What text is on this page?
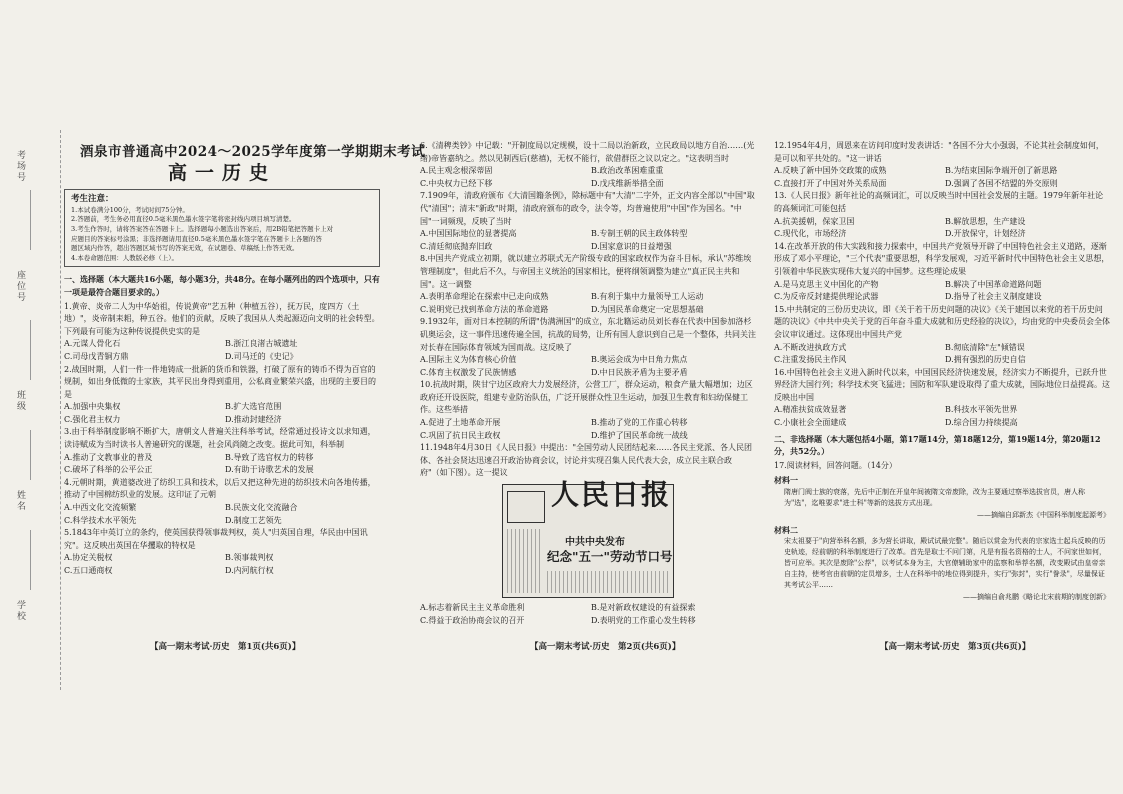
考场号
座位号
班级
姓名
学校
酒泉市普通高中2024～2025学年度第一学期期末考试
高一历史
考生注意：
1.本试卷满分100分，考试时间75分钟。
2.答题前，考生务必用直径0.5毫米黑色墨水签字笔将密封线内项目填写清楚。
3.考生作答时，请将答案答在答题卡上。选择题每小题选出答案后，用2B铅笔把答题卡上对
应题目的答案标号涂黑；非选择题请用直径0.5毫米黑色墨水签字笔在答题卡上各题的答
题区域内作答，超出答题区域书写的答案无效，在试题卷、草稿纸上作答无效。
4.本卷命题范围：人教版必修（上）。
一、选择题（本大题共16小题，每小题3分，共48分。在每小题列出的四个选项中，只有一项是最符合题目要求的。）
1.黄帝、炎帝二人为中华始祖，传说黄帝"艺五种（种植五谷），抚万民，度四方（土地）"，炎帝制耒耜，种五谷。他们的贡献，反映了我国从人类起源迈向文明的社会转型。下列最有可能为这种传说提供史实的是
A.元谋人骨化石	B.浙江良渚古城遗址
C.司母戊青铜方鼎	D.司马迁的《史记》
2.战国时期，人们一件一件地铸成一批新的货币和铁器，打破了原有的铸币不得为百官的规制，如出身低微的士家族，其平民出身得到重用，公私商业繁荣兴盛，出现的主要目的是
A.加强中央集权	B.扩大选官范围
C.强化君主权力	D.推动封建经济
3.由于科举制度影响不断扩大，唐朝文人普遍关注科举考试，经常通过投诗文以求知遇，读诗赋成为当时读书人普遍研究的课题，社会风尚随之改变。据此可知，科举制
A.推动了文教事业的普及	B.导致了选官权力的转移
C.破坏了科举的公平公正	D.有助于诗歌艺术的发展
4.元朝时期，黄道婆改进了纺织工具和技术，以后又把这种先进的纺织技术向各地传播，推动了中国棉纺织业的发展。这印证了元朝
A.中西文化交流频繁	B.民族文化交流融合
C.科学技术水平领先	D.制度工艺领先
5.1843年中英订立的条约，使英国获得领事裁判权，英人"归英国自理，华民由中国讯究"。这反映出英国在华攫取的特权是
A.协定关税权	B.领事裁判权
C.五口通商权	D.内河航行权
6.《清稗类钞》中记载："开制度局以定规模，设十二局以治新政，立民政局以地方自治……(光绪)帝皆嘉纳之。然以见制西后(慈禧)，无权不能行，欲借群臣之议以定之。"这表明当时
A.民主观念根深蒂固	B.政治改革困难重重
C.中央权力已经下移	D.戊戌维新举措全面
7.1909年，清政府颁布《大清国籍条例》，除标题中有"大清"二字外，正文内容全部以"中国"取代"清国"；清末"新政"时期，清政府颁布的政令，法令等，均普遍使用"中国"作为国名。"中国"一词频现，反映了当时
A.中国国际地位的显著提高	B.专制王朝的民主政体转型
C.清廷彻底抛弃旧政	D.国家意识的日益增强
8.中国共产党成立初期，就以建立苏联式无产阶级专政的国家政权作为奋斗目标，承认"苏维埃管理制度"，但此后不久，与帝国主义统治的国家相比，便将纲领调整为建立"真正民主共和国"。这一调整
A.表明革命理论在探索中已走向成熟	B.有利于集中力量领导工人运动
C.说明党已找到革命方法的革命道路	D.为国民革命奠定一定思想基础
9.1932年，面对日本控制的所谓"伪满洲国"的成立，东北籍运动员刘长春在代表中国参加洛杉矶奥运会，这一事件迅速传遍全国，抗战的局势，让所有国人意识到自己是一个整体，共同关注对长春在国际体育领域为国而战。这反映了
A.国际主义为体育核心价值	B.奥运会成为中日角力焦点
C.体育主权激发了民族情感	D.中日民族矛盾为主要矛盾
10.抗战时期，陕甘宁边区政府大力发展经济，公营工厂，群众运动，粮食产量大幅增加；边区政府还开设医院，组建专业防治队伍，广泛开展群众性卫生运动，加强卫生教育和妇幼保健工作。这些举措
A.促进了土地革命开展	B.推动了党的工作重心转移
C.巩固了抗日民主政权	D.维护了国民革命统一战线
11.1948年4月30日《人民日报》中提出："全国劳动人民团结起来……各民主党派、各人民团体、各社会贤达迅速召开政治协商会议，讨论并实现召集人民代表大会，成立民主联合政府"（如下图）。这一提议
人民日报
中共中央发布
纪念"五一"劳动节口号
A.标志着新民主主义革命胜利	B.是对新政权建设的有益探索
C.得益于政治协商会议的召开	D.表明党的工作重心发生转移
12.1954年4月，周恩来在访问印度时发表讲话："各国不分大小强弱，不论其社会制度如何，是可以和平共处的。"这一讲话
A.反映了新中国外交政策的成熟	B.为结束国际争端开创了新思路
C.直接打开了中国对外关系局面	D.强调了各国不结盟的外交原则
13.《人民日报》新年社论的高频词汇，可以反映当时中国社会发展的主题。1979年新年社论的高频词汇可能包括
A.抗美援朝，保家卫国	B.解放思想，生产建设
C.现代化，市场经济	D.开放保守，计划经济
14.在改革开放的伟大实践和接力探索中，中国共产党领导开辟了中国特色社会主义道路，逐渐形成了邓小平理论，"三个代表"重要思想，科学发展观，习近平新时代中国特色社会主义思想，引领着中华民族实现伟大复兴的中国梦。这些理论成果
A.是马克思主义中国化的产物	B.解决了中国革命道路问题
C.为反帝反封建提供理论武器	D.指导了社会主义制度建设
15.中共制定的三份历史决议，即《关于若干历史问题的决议》《关于建国以来党的若干历史问题的决议》《中共中央关于党的百年奋斗重大成就和历史经验的决议》，均由党的中央委员会全体会议审议通过。这体现出中国共产党
A.不断改进执政方式	B.彻底清除"左"倾错误
C.注重发扬民主作风	D.拥有强烈的历史自信
16.中国特色社会主义进入新时代以来，中国国民经济快速发展，经济实力不断提升，已跃升世界经济大国行列；科学技术突飞猛进；国防和军队建设取得了重大成就，国际地位日益提高。这反映出中国
A.精准扶贫成效显著	B.科技水平领先世界
C.小康社会全面建成	D.综合国力持续提高
二、非选择题（本大题包括4小题，第17题14分，第18题12分，第19题14分，第20题12分，共52分。）
17.阅读材料，回答问题。（14分）
材料一
隋唐门阀士族的衰落，先后中正制在开皇年间被隋文帝废除，改为主要通过察举选拔官员，唐人称为"选"，迄唯要求"进士科"等新的选拔方式出现。
——摘编自邱新杰《中国科举制度起源考》
材料二
宋太祖要于"向营举科名额，多为营长讲取，殿试试最完整"。随后以赏金为代表的宗家选士起兵反映的历史轨迹，经前朝的科举制度进行了改革。首先是取士不问门第，凡是有报名资格的士人，不问家世如何，皆可应举。其次是废除"公荐"，以考试本身为主，大官僚辅助家中的监察和举荐名额，改变殿试由皇帝亲自主持，使考官由前朝的定员增多，士人在科举中的地位得到提升，实行"弥封"，实行"誊录"，尽量保证其考试公平……
——摘编自俞兆鹏《略论北宋前期的制度创新》
【高一期末考试·历史　第1页(共6页)】	【高一期末考试·历史　第2页(共6页)】	【高一期末考试·历史　第3页(共6页)】
